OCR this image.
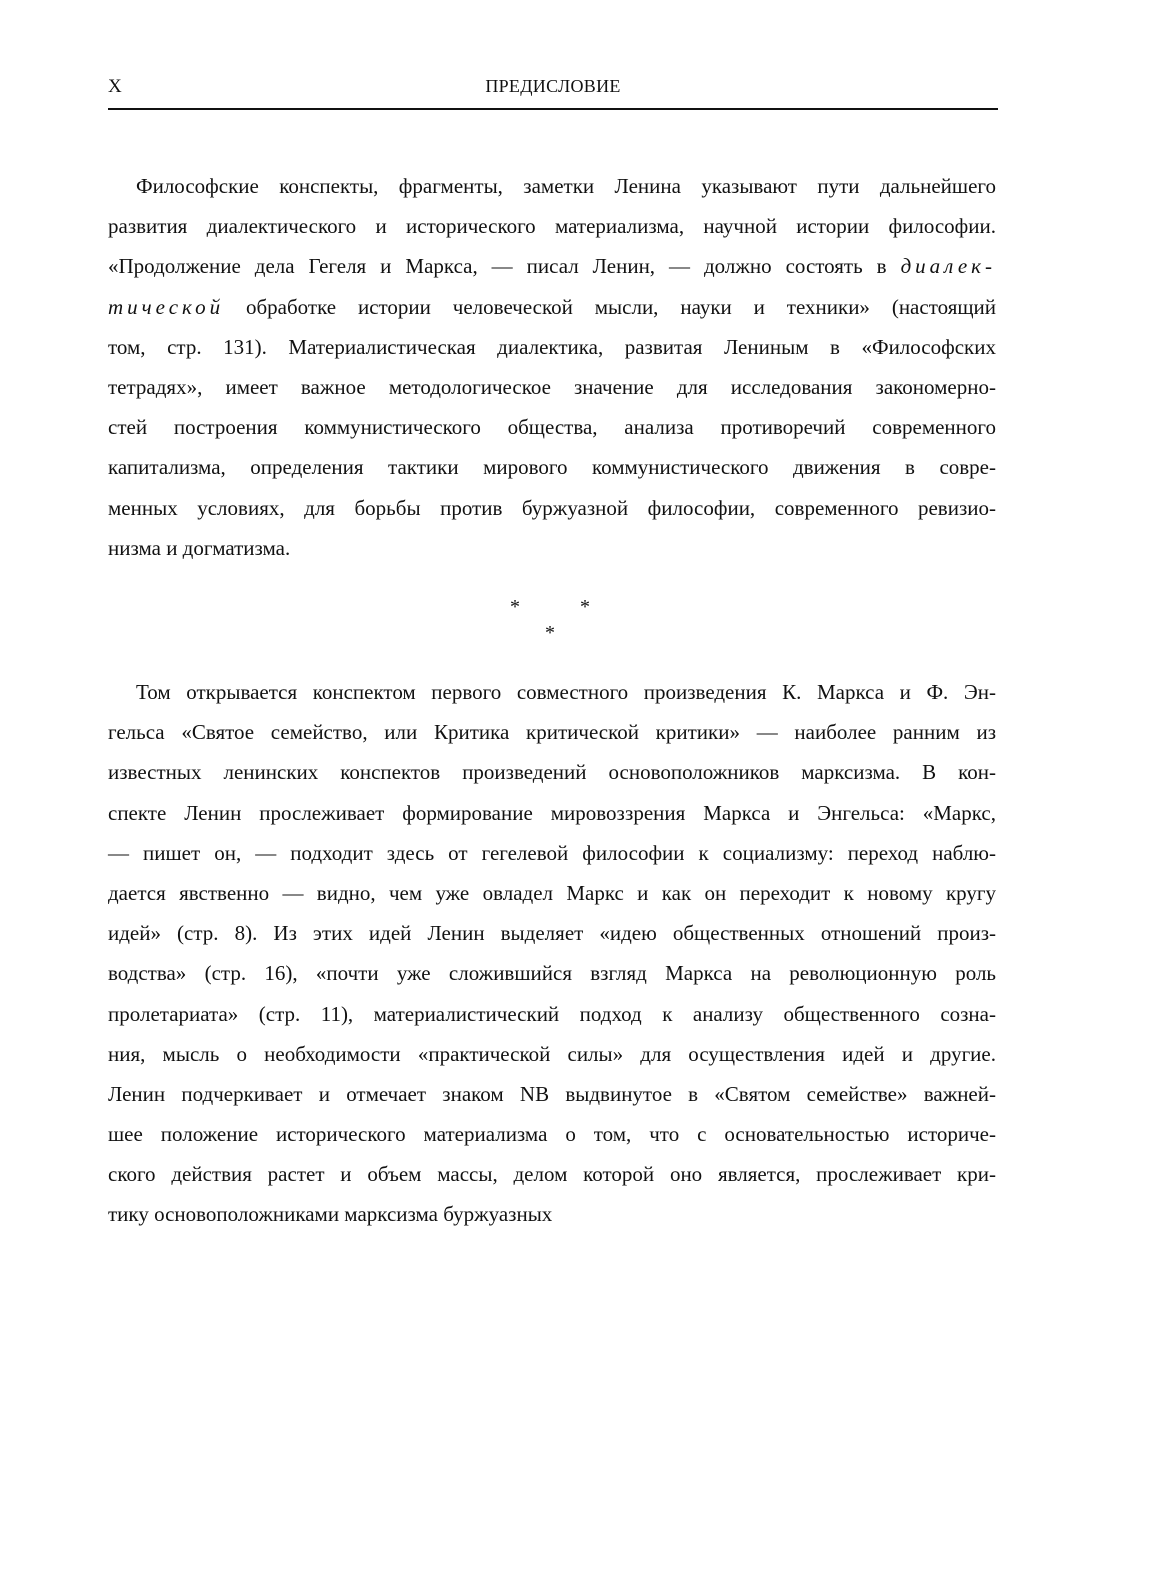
X	ПРЕДИСЛОВИЕ
Философские конспекты, фрагменты, заметки Ленина указывают пути дальнейшего
развития диалектического и исторического материализма, научной истории философии.
«Продолжение дела Гегеля и Маркса, — писал Ленин, — должно состоять в диалек-
тической обработке истории человеческой мысли, науки и техники» (настоящий
том, стр. 131). Материалистическая диалектика, развитая Лениным в «Философских
тетрадях», имеет важное методологическое значение для исследования закономерно-
стей построения коммунистического общества, анализа противоречий современного
капитализма, определения тактики мирового коммунистического движения в совре-
менных условиях, для борьбы против буржуазной философии, современного ревизио-
низма и догматизма.
*	*
*
Том открывается конспектом первого совместного произведения К. Маркса и Ф. Эн-
гельса «Святое семейство, или Критика критической критики» — наиболее ранним из
известных ленинских конспектов произведений основоположников марксизма. В кон-
спекте Ленин прослеживает формирование мировоззрения Маркса и Энгельса: «Маркс,
— пишет он, — подходит здесь от гегелевой философии к социализму: переход наблю-
дается явственно — видно, чем уже овладел Маркс и как он переходит к новому кругу
идей» (стр. 8). Из этих идей Ленин выделяет «идею общественных отношений произ-
водства» (стр. 16), «почти уже сложившийся взгляд Маркса на революционную роль
пролетариата» (стр. 11), материалистический подход к анализу общественного созна-
ния, мысль о необходимости «практической силы» для осуществления идей и другие.
Ленин подчеркивает и отмечает знаком NB выдвинутое в «Святом семействе» важней-
шее положение исторического материализма о том, что с основательностью историче-
ского действия растет и объем массы, делом которой оно является, прослеживает кри-
тику основоположниками марксизма буржуазных
